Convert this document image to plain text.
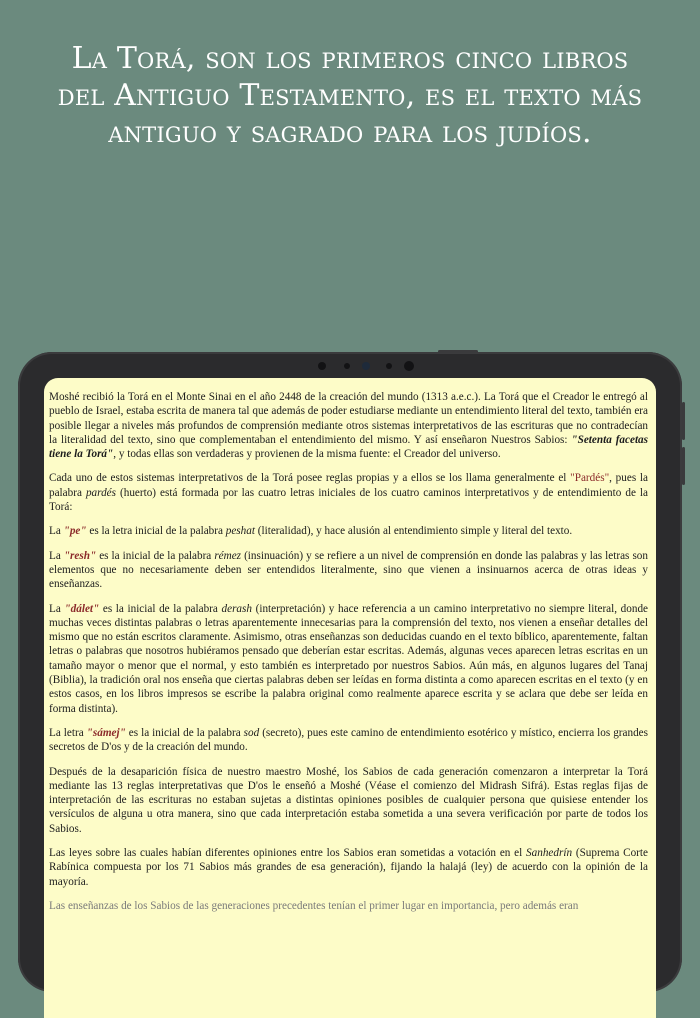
La Torá, son los primeros cinco libros
del Antiguo Testamento, es el texto más
antiguo y sagrado para los judíos.

Moshé recibió la Torá en el Monte Sinai en el año 2448 de la creación del mundo (1313 a.e.c.). La Torá que el Creador le entregó al pueblo de Israel, estaba escrita de manera tal que además de poder estudiarse mediante un entendimiento literal del texto, también era posible llegar a niveles más profundos de comprensión mediante otros sistemas interpretativos de las escrituras que no contradecían la literalidad del texto, sino que complementaban el entendimiento del mismo. Y así enseñaron Nuestros Sabios: "Setenta facetas tiene la Torá", y todas ellas son verdaderas y provienen de la misma fuente: el Creador del universo.

Cada uno de estos sistemas interpretativos de la Torá posee reglas propias y a ellos se los llama generalmente el "Pardés", pues la palabra pardés (huerto) está formada por las cuatro letras iniciales de los cuatro caminos interpretativos y de entendimiento de la Torá:

La "pe" es la letra inicial de la palabra peshat (literalidad), y hace alusión al entendimiento simple y literal del texto.

La "resh" es la inicial de la palabra rémez (insinuación) y se refiere a un nivel de comprensión en donde las palabras y las letras son elementos que no necesariamente deben ser entendidos literalmente, sino que vienen a insinuarnos acerca de otras ideas y enseñanzas.

La "dálet" es la inicial de la palabra derash (interpretación) y hace referencia a un camino interpretativo no siempre literal, donde muchas veces distintas palabras o letras aparentemente innecesarias para la comprensión del texto, nos vienen a enseñar detalles del mismo que no están escritos claramente. Asimismo, otras enseñanzas son deducidas cuando en el texto bíblico, aparentemente, faltan letras o palabras que nosotros hubiéramos pensado que deberían estar escritas. Además, algunas veces aparecen letras escritas en un tamaño mayor o menor que el normal, y esto también es interpretado por nuestros Sabios. Aún más, en algunos lugares del Tanaj (Biblia), la tradición oral nos enseña que ciertas palabras deben ser leídas en forma distinta a como aparecen escritas en el texto (y en estos casos, en los libros impresos se escribe la palabra original como realmente aparece escrita y se aclara que debe ser leída en forma distinta).

La letra "sámej" es la inicial de la palabra sod (secreto), pues este camino de entendimiento esotérico y místico, encierra los grandes secretos de D'os y de la creación del mundo.

Después de la desaparición física de nuestro maestro Moshé, los Sabios de cada generación comenzaron a interpretar la Torá mediante las 13 reglas interpretativas que D'os le enseñó a Moshé (Véase el comienzo del Midrash Sifrá). Estas reglas fijas de interpretación de las escrituras no estaban sujetas a distintas opiniones posibles de cualquier persona que quisiese entender los versículos de alguna u otra manera, sino que cada interpretación estaba sometida a una severa verificación por parte de todos los Sabios.

Las leyes sobre las cuales habían diferentes opiniones entre los Sabios eran sometidas a votación en el Sanhedrín (Suprema Corte Rabínica compuesta por los 71 Sabios más grandes de esa generación), fijando la halajá (ley) de acuerdo con la opinión de la mayoría.

Las enseñanzas de los Sabios de las generaciones precedentes tenían el primer lugar en importancia, pero además eran
